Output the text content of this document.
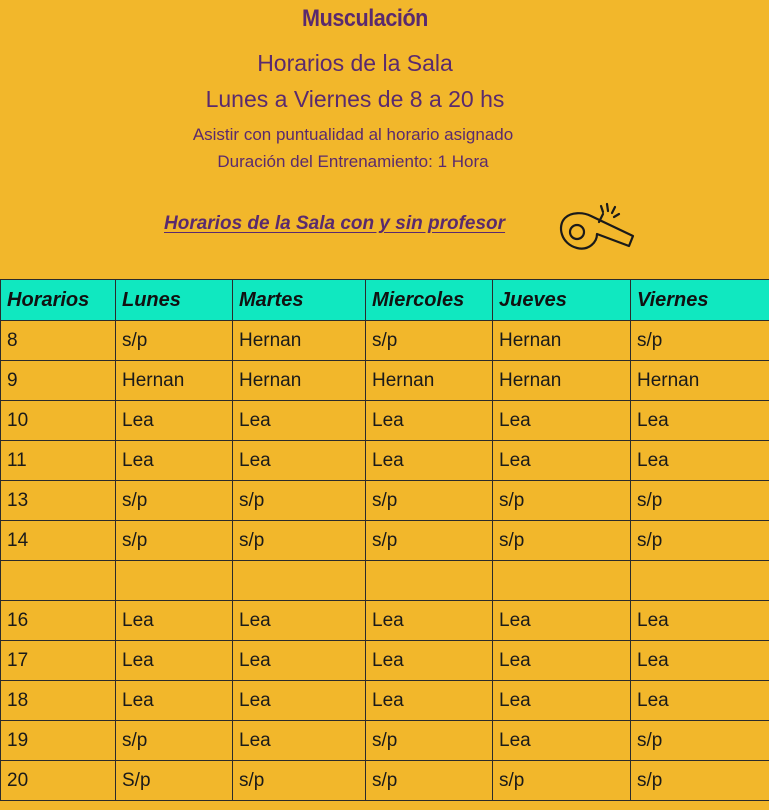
Musculación
Horarios de la Sala
Lunes a Viernes de 8 a 20 hs
Asistir con puntualidad al horario asignado
Duración del Entrenamiento: 1 Hora
Horarios de la Sala con y sin profesor
Horarios	Lunes	Martes	Miercoles	Jueves	Viernes
8	s/p	Hernan	s/p	Hernan	s/p
9	Hernan	Hernan	Hernan	Hernan	Hernan
10	Lea	Lea	Lea	Lea	Lea
11	Lea	Lea	Lea	Lea	Lea
13	s/p	s/p	s/p	s/p	s/p
14	s/p	s/p	s/p	s/p	s/p

16	Lea	Lea	Lea	Lea	Lea
17	Lea	Lea	Lea	Lea	Lea
18	Lea	Lea	Lea	Lea	Lea
19	s/p	Lea	s/p	Lea	s/p
20	S/p	s/p	s/p	s/p	s/p
